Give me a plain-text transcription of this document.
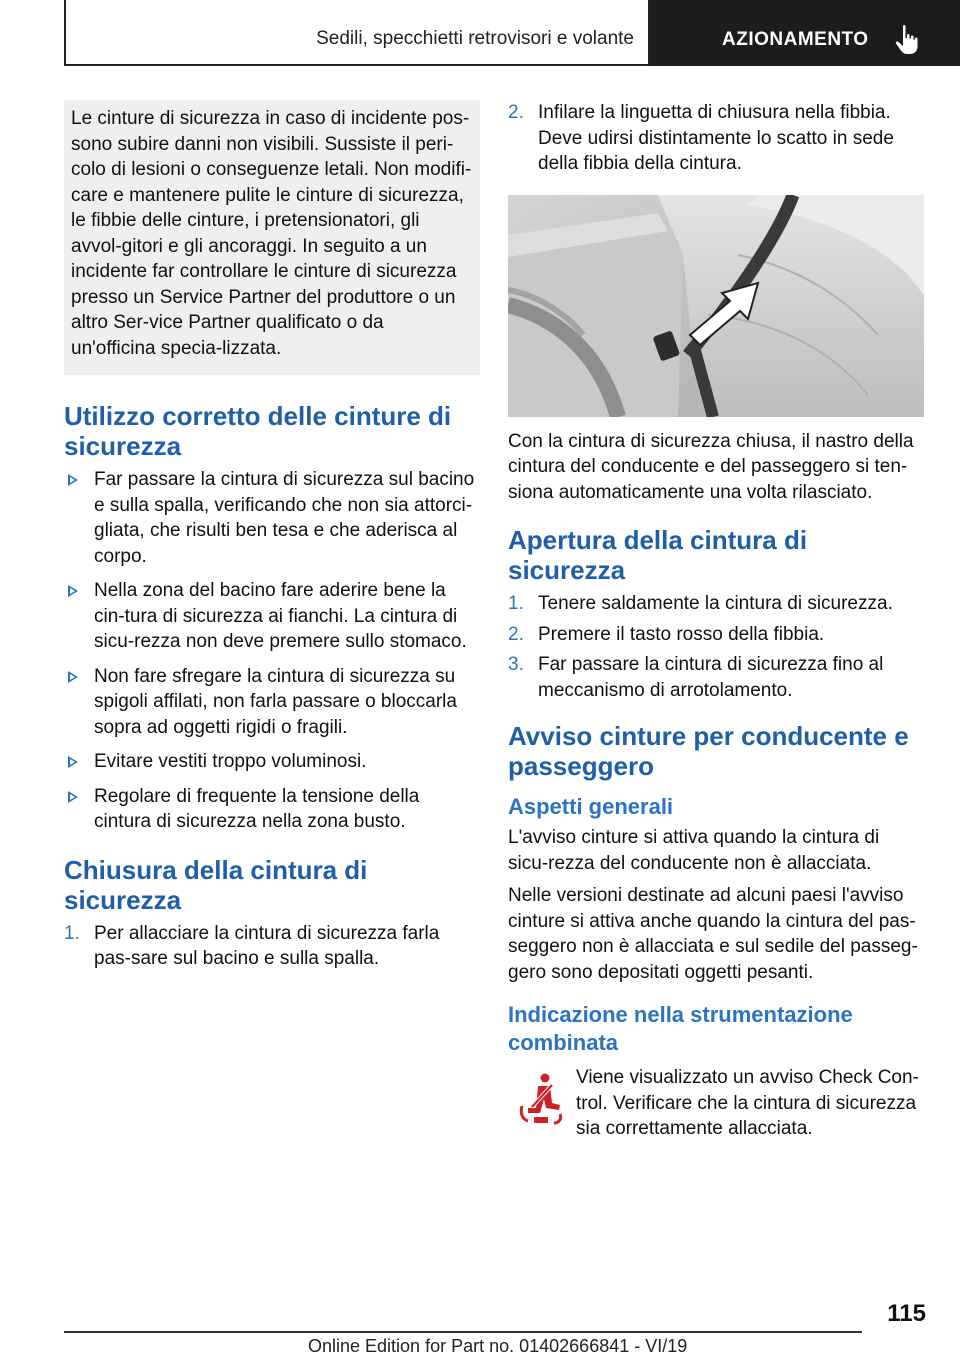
Sedili, specchietti retrovisori e volante	AZIONAMENTO
Le cinture di sicurezza in caso di incidente pos-sono subire danni non visibili. Sussiste il peri-colo di lesioni o conseguenze letali. Non modifi-care e mantenere pulite le cinture di sicurezza, le fibbie delle cinture, i pretensionatori, gli avvol-gitori e gli ancoraggi. In seguito a un incidente far controllare le cinture di sicurezza presso un Service Partner del produttore o un altro Ser-vice Partner qualificato o da un'officina specia-lizzata.
Utilizzo corretto delle cinture di sicurezza
Far passare la cintura di sicurezza sul bacino e sulla spalla, verificando che non sia attorci-gliata, che risulti ben tesa e che aderisca al corpo.
Nella zona del bacino fare aderire bene la cin-tura di sicurezza ai fianchi. La cintura di sicu-rezza non deve premere sullo stomaco.
Non fare sfregare la cintura di sicurezza su spigoli affilati, non farla passare o bloccarla sopra ad oggetti rigidi o fragili.
Evitare vestiti troppo voluminosi.
Regolare di frequente la tensione della cintura di sicurezza nella zona busto.
Chiusura della cintura di sicurezza
1. Per allacciare la cintura di sicurezza farla pas-sare sul bacino e sulla spalla.
2. Infilare la linguetta di chiusura nella fibbia. Deve udirsi distintamente lo scatto in sede della fibbia della cintura.

Con la cintura di sicurezza chiusa, il nastro della cintura del conducente e del passeggero si ten-siona automaticamente una volta rilasciato.

Apertura della cintura di sicurezza
1. Tenere saldamente la cintura di sicurezza.
2. Premere il tasto rosso della fibbia.
3. Far passare la cintura di sicurezza fino al meccanismo di arrotolamento.
Avviso cinture per conducente e passeggero
Aspetti generali

L'avviso cinture si attiva quando la cintura di sicu-rezza del conducente non è allacciata.

Nelle versioni destinate ad alcuni paesi l'avviso cinture si attiva anche quando la cintura del pas-seggero non è allacciata e sul sedile del passeg-gero sono depositati oggetti pesanti.

Indicazione nella strumentazione combinata

Viene visualizzato un avviso Check Con-trol. Verificare che la cintura di sicurezza sia correttamente allacciata.

115
Online Edition for Part no. 01402666841 - VI/19
